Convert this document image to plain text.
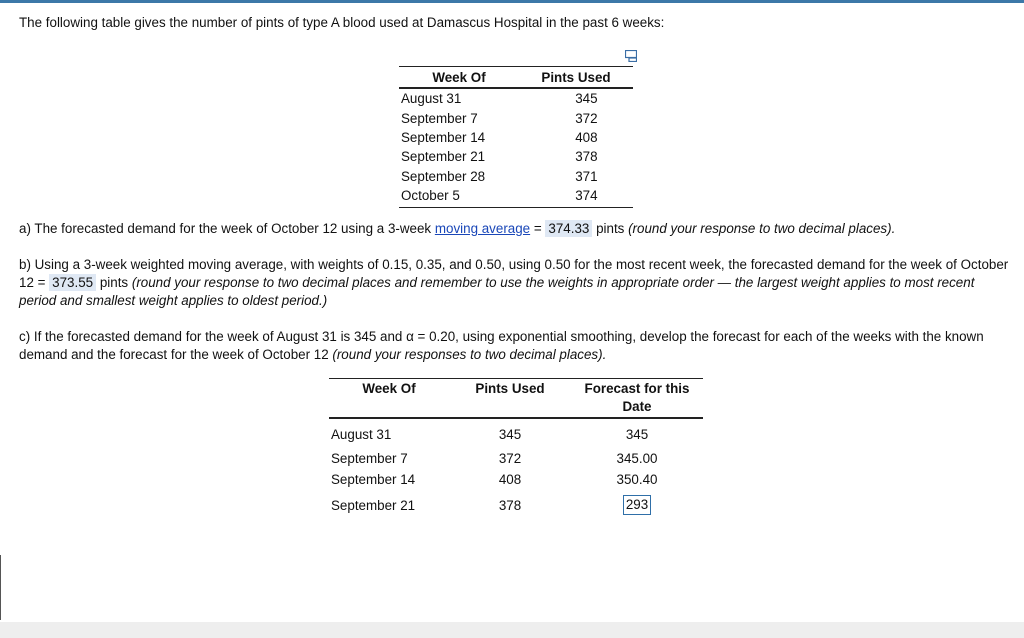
The following table gives the number of pints of type A blood used at Damascus Hospital in the past 6 weeks:
Week Of	Pints Used
August 31	345
September 7	372
September 14	408
September 21	378
September 28	371
October 5	374
a) The forecasted demand for the week of October 12 using a 3-week moving average = 374.33 pints (round your response to two decimal places).
b) Using a 3-week weighted moving average, with weights of 0.15, 0.35, and 0.50, using 0.50 for the most recent week, the forecasted demand for the week of October 12 = 373.55 pints (round your response to two decimal places and remember to use the weights in appropriate order — the largest weight applies to most recent period and smallest weight applies to oldest period.)
c) If the forecasted demand for the week of August 31 is 345 and α = 0.20, using exponential smoothing, develop the forecast for each of the weeks with the known demand and the forecast for the week of October 12 (round your responses to two decimal places).
Week Of	Pints Used	Forecast for this Date
August 31	345	345
September 7	372	345.00
September 14	408	350.40
September 21	378	293
